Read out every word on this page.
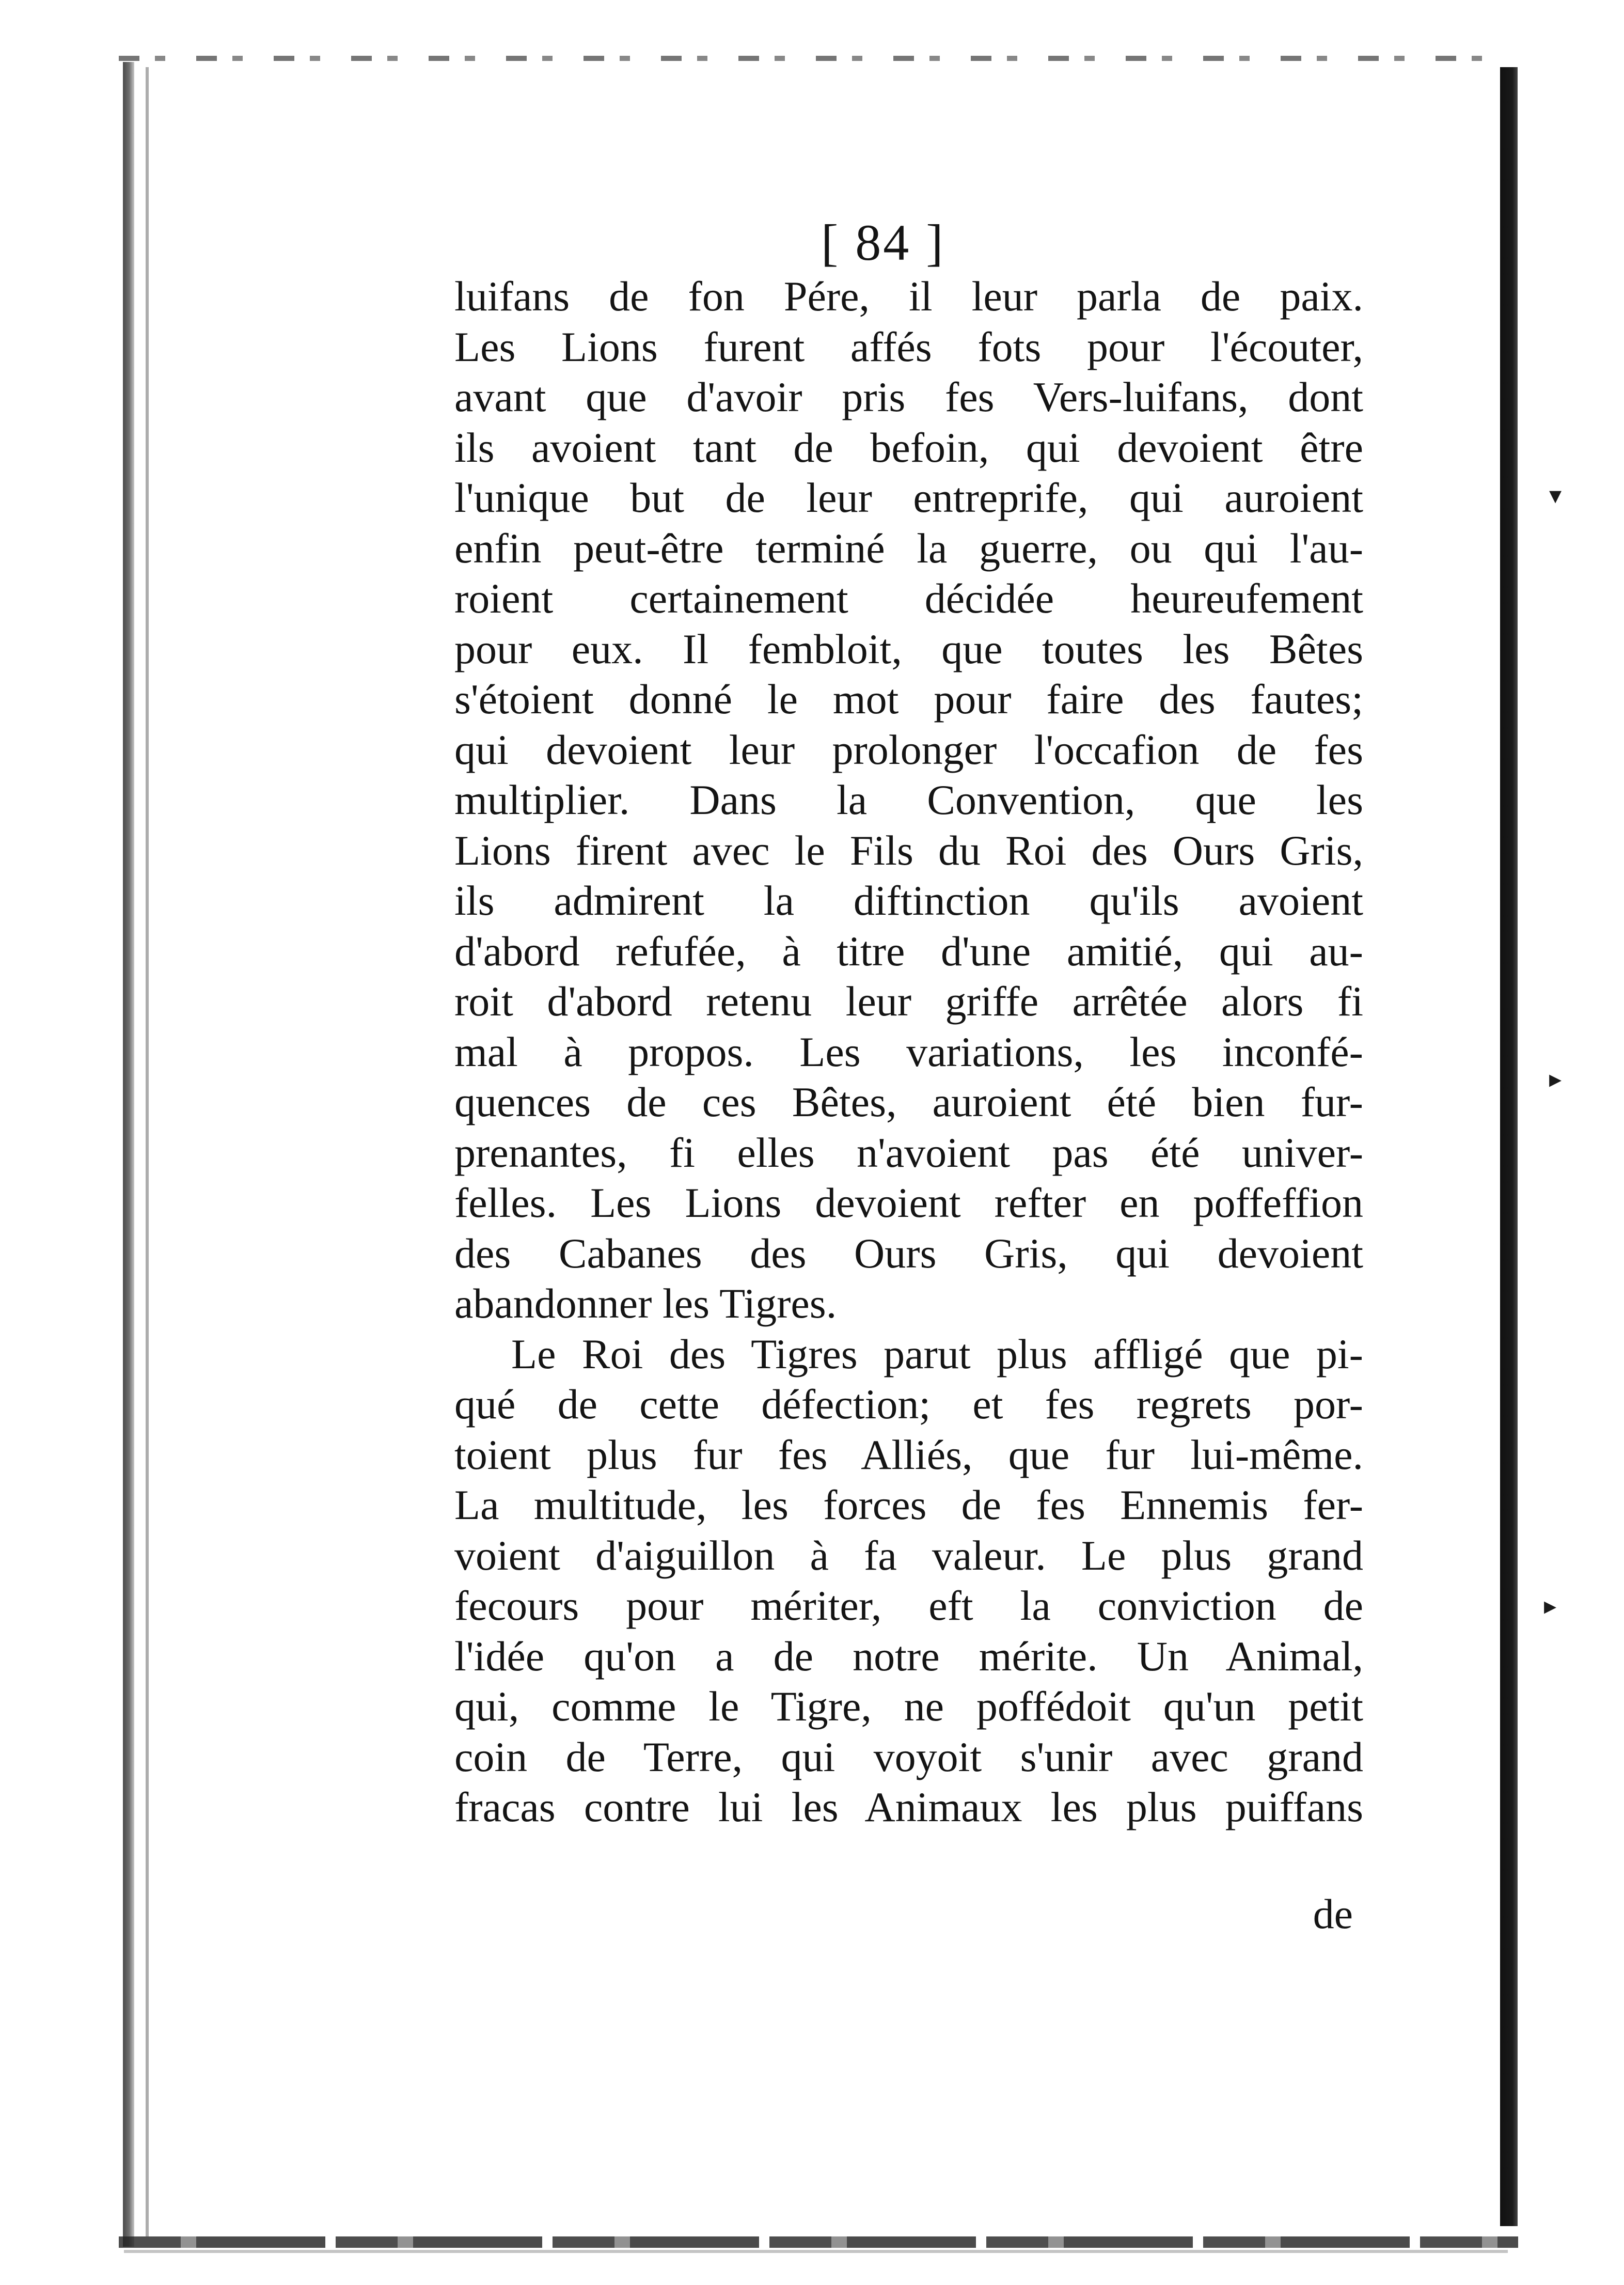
▾
▸
▸
[ 84 ]
luifans de fon Pére, il leur parla de paix.
Les Lions furent affés fots pour l'écouter,
avant que d'avoir pris fes Vers-luifans, dont
ils avoient tant de befoin, qui devoient être
l'unique but de leur entreprife, qui auroient
enfin peut-être terminé la guerre, ou qui l'au-
roient certainement décidée heureufement
pour eux. Il fembloit, que toutes les Bêtes
s'étoient donné le mot pour faire des fautes;
qui devoient leur prolonger l'occafion de fes
multiplier. Dans la Convention, que les
Lions firent avec le Fils du Roi des Ours Gris,
ils admirent la diftinction qu'ils avoient
d'abord refufée, à titre d'une amitié, qui au-
roit d'abord retenu leur griffe arrêtée alors fi
mal à propos. Les variations, les inconfé-
quences de ces Bêtes, auroient été bien fur-
prenantes, fi elles n'avoient pas été univer-
felles. Les Lions devoient refter en poffeffion
des Cabanes des Ours Gris, qui devoient
abandonner les Tigres.
Le Roi des Tigres parut plus affligé que pi-
qué de cette défection; et fes regrets por-
toient plus fur fes Alliés, que fur lui-même.
La multitude, les forces de fes Ennemis fer-
voient d'aiguillon à fa valeur. Le plus grand
fecours pour mériter, eft la conviction de
l'idée qu'on a de notre mérite. Un Animal,
qui, comme le Tigre, ne poffédoit qu'un petit
coin de Terre, qui voyoit s'unir avec grand
fracas contre lui les Animaux les plus puiffans
de
